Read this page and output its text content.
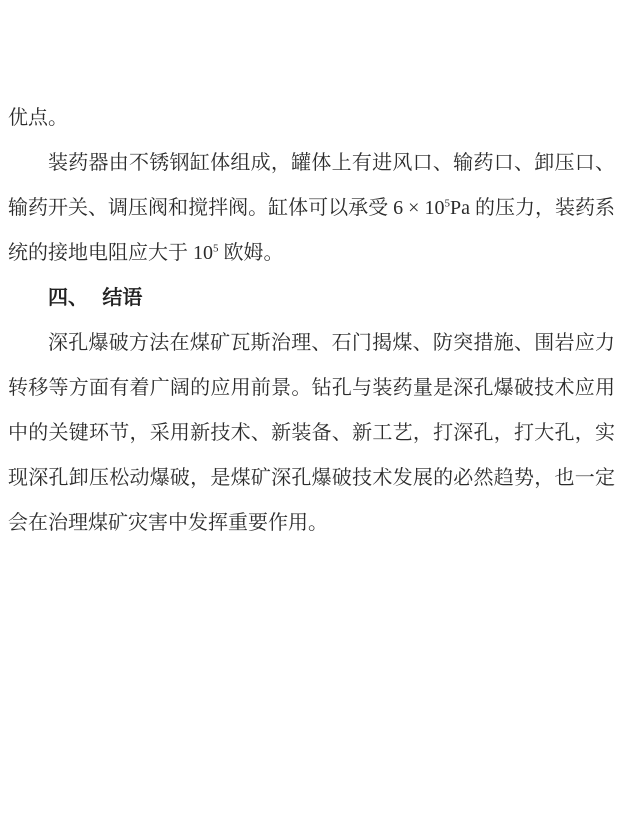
优点。

装药器由不锈钢缸体组成，罐体上有进风口、输药口、卸压口、输药开关、调压阀和搅拌阀。缸体可以承受 $6 \times 10^5Pa$ 的压力，装药系统的接地电阻应大于 $10^5$ 欧姆。

四、 结语

深孔爆破方法在煤矿瓦斯治理、石门揭煤、防突措施、围岩应力转移等方面有着广阔的应用前景。钻孔与装药量是深孔爆破技术应用中的关键环节，采用新技术、新装备、新工艺，打深孔，打大孔，实现深孔卸压松动爆破，是煤矿深孔爆破技术发展的必然趋势，也一定会在治理煤矿灾害中发挥重要作用。
